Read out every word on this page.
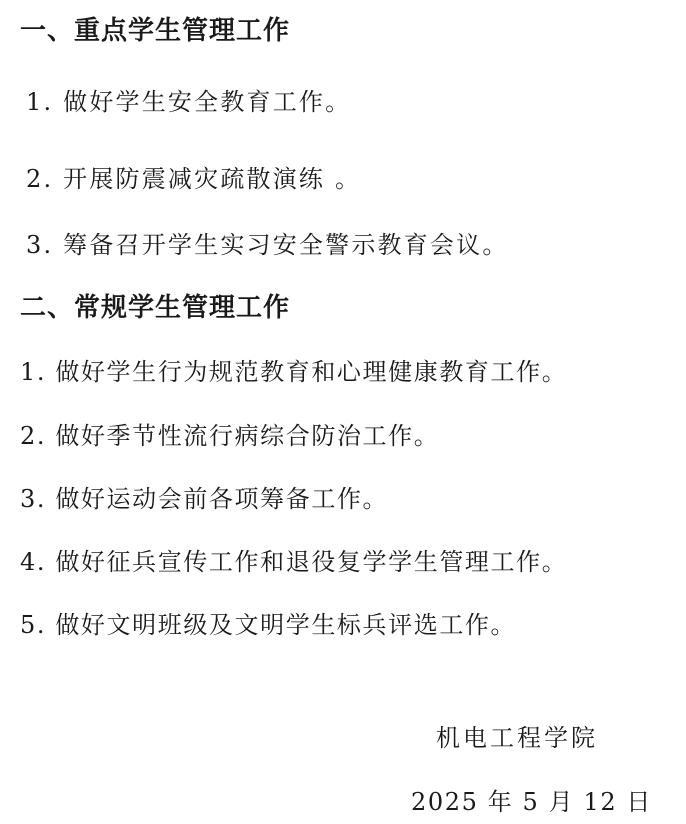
一、重点学生管理工作
1. 做好学生安全教育工作。
2. 开展防震减灾疏散演练 。
3. 筹备召开学生实习安全警示教育会议。
二、常规学生管理工作
1. 做好学生行为规范教育和心理健康教育工作。
2. 做好季节性流行病综合防治工作。
3. 做好运动会前各项筹备工作。
4. 做好征兵宣传工作和退役复学学生管理工作。
5. 做好文明班级及文明学生标兵评选工作。
机电工程学院
2025 年 5 月 12 日
